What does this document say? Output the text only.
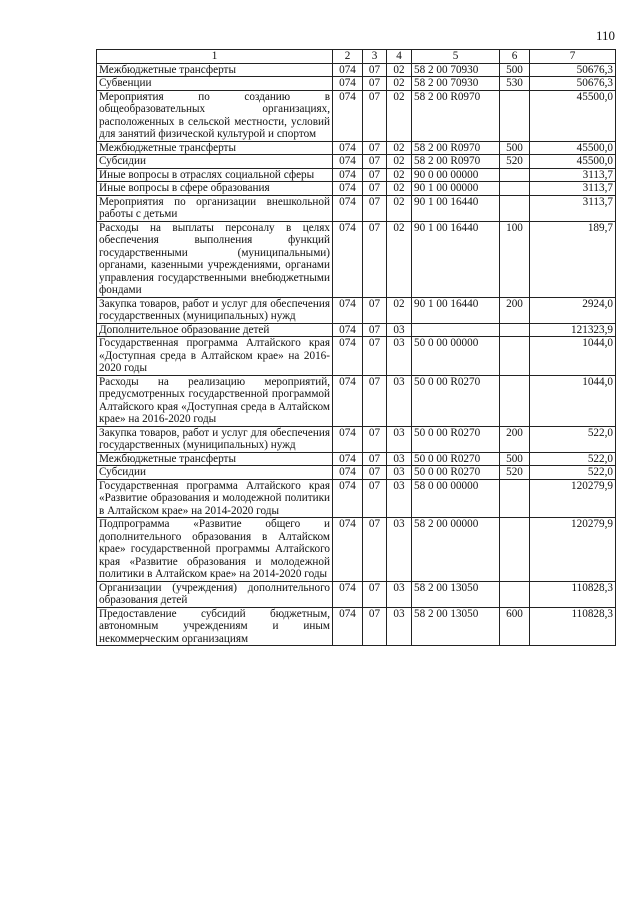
110
1	2	3	4	5	6	7
Межбюджетные трансферты	074	07	02	58 2 00 70930	500	50676,3
Субвенции	074	07	02	58 2 00 70930	530	50676,3
Мероприятия по созданию в общеобразовательных организациях, расположенных в сельской местности, условий для занятий физической культурой и спортом	074	07	02	58 2 00 R0970		45500,0
Межбюджетные трансферты	074	07	02	58 2 00 R0970	500	45500,0
Субсидии	074	07	02	58 2 00 R0970	520	45500,0
Иные вопросы в отраслях социальной сферы	074	07	02	90 0 00 00000		3113,7
Иные вопросы в сфере образования	074	07	02	90 1 00 00000		3113,7
Мероприятия по организации внешкольной работы с детьми	074	07	02	90 1 00 16440		3113,7
Расходы на выплаты персоналу в целях обеспечения выполнения функций государственными (муниципальными) органами, казенными учреждениями, органами управления государственными внебюджетными фондами	074	07	02	90 1 00 16440	100	189,7
Закупка товаров, работ и услуг для обеспечения государственных (муниципальных) нужд	074	07	02	90 1 00 16440	200	2924,0
Дополнительное образование детей	074	07	03			121323,9
Государственная программа Алтайского края «Доступная среда в Алтайском крае» на 2016-2020 годы	074	07	03	50 0 00 00000		1044,0
Расходы на реализацию мероприятий, предусмотренных государственной программой Алтайского края «Доступная среда в Алтайском крае» на 2016-2020 годы	074	07	03	50 0 00 R0270		1044,0
Закупка товаров, работ и услуг для обеспечения государственных (муниципальных) нужд	074	07	03	50 0 00 R0270	200	522,0
Межбюджетные трансферты	074	07	03	50 0 00 R0270	500	522,0
Субсидии	074	07	03	50 0 00 R0270	520	522,0
Государственная программа Алтайского края «Развитие образования и молодежной политики в Алтайском крае» на 2014-2020 годы	074	07	03	58 0 00 00000		120279,9
Подпрограмма «Развитие общего и дополнительного образования в Алтайском крае» государственной программы Алтайского края «Развитие образования и молодежной политики в Алтайском крае» на 2014-2020 годы	074	07	03	58 2 00 00000		120279,9
Организации (учреждения) дополнительного образования детей	074	07	03	58 2 00 13050		110828,3
Предоставление субсидий бюджетным, автономным учреждениям и иным некоммерческим организациям	074	07	03	58 2 00 13050	600	110828,3
